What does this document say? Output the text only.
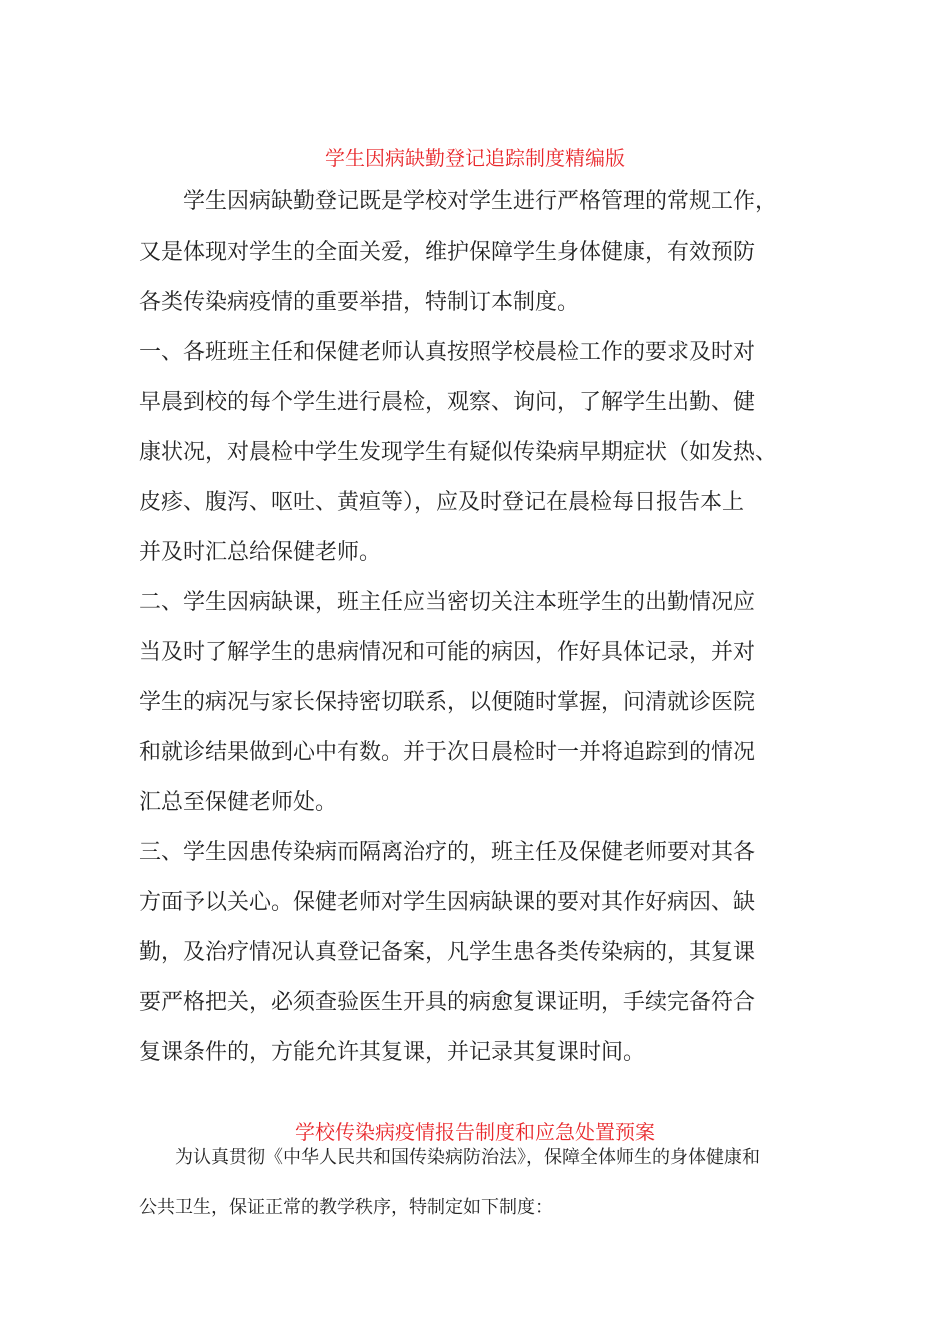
学生因病缺勤登记追踪制度精编版

　　学生因病缺勤登记既是学校对学生进行严格管理的常规工作，

又是体现对学生的全面关爱，维护保障学生身体健康，有效预防

各类传染病疫情的重要举措，特制订本制度。

一、各班班主任和保健老师认真按照学校晨检工作的要求及时对

早晨到校的每个学生进行晨检，观察、询问，了解学生出勤、健

康状况，对晨检中学生发现学生有疑似传染病早期症状（如发热、

皮疹、腹泻、呕吐、黄疸等），应及时登记在晨检每日报告本上

并及时汇总给保健老师。

二、学生因病缺课，班主任应当密切关注本班学生的出勤情况应

当及时了解学生的患病情况和可能的病因，作好具体记录，并对

学生的病况与家长保持密切联系，以便随时掌握，问清就诊医院

和就诊结果做到心中有数。并于次日晨检时一并将追踪到的情况

汇总至保健老师处。

三、学生因患传染病而隔离治疗的，班主任及保健老师要对其各

方面予以关心。保健老师对学生因病缺课的要对其作好病因、缺

勤，及治疗情况认真登记备案，凡学生患各类传染病的，其复课

要严格把关，必须查验医生开具的病愈复课证明，手续完备符合

复课条件的，方能允许其复课，并记录其复课时间。

学校传染病疫情报告制度和应急处置预案

　　为认真贯彻《中华人民共和国传染病防治法》，保障全体师生的身体健康和

公共卫生，保证正常的教学秩序，特制定如下制度：
